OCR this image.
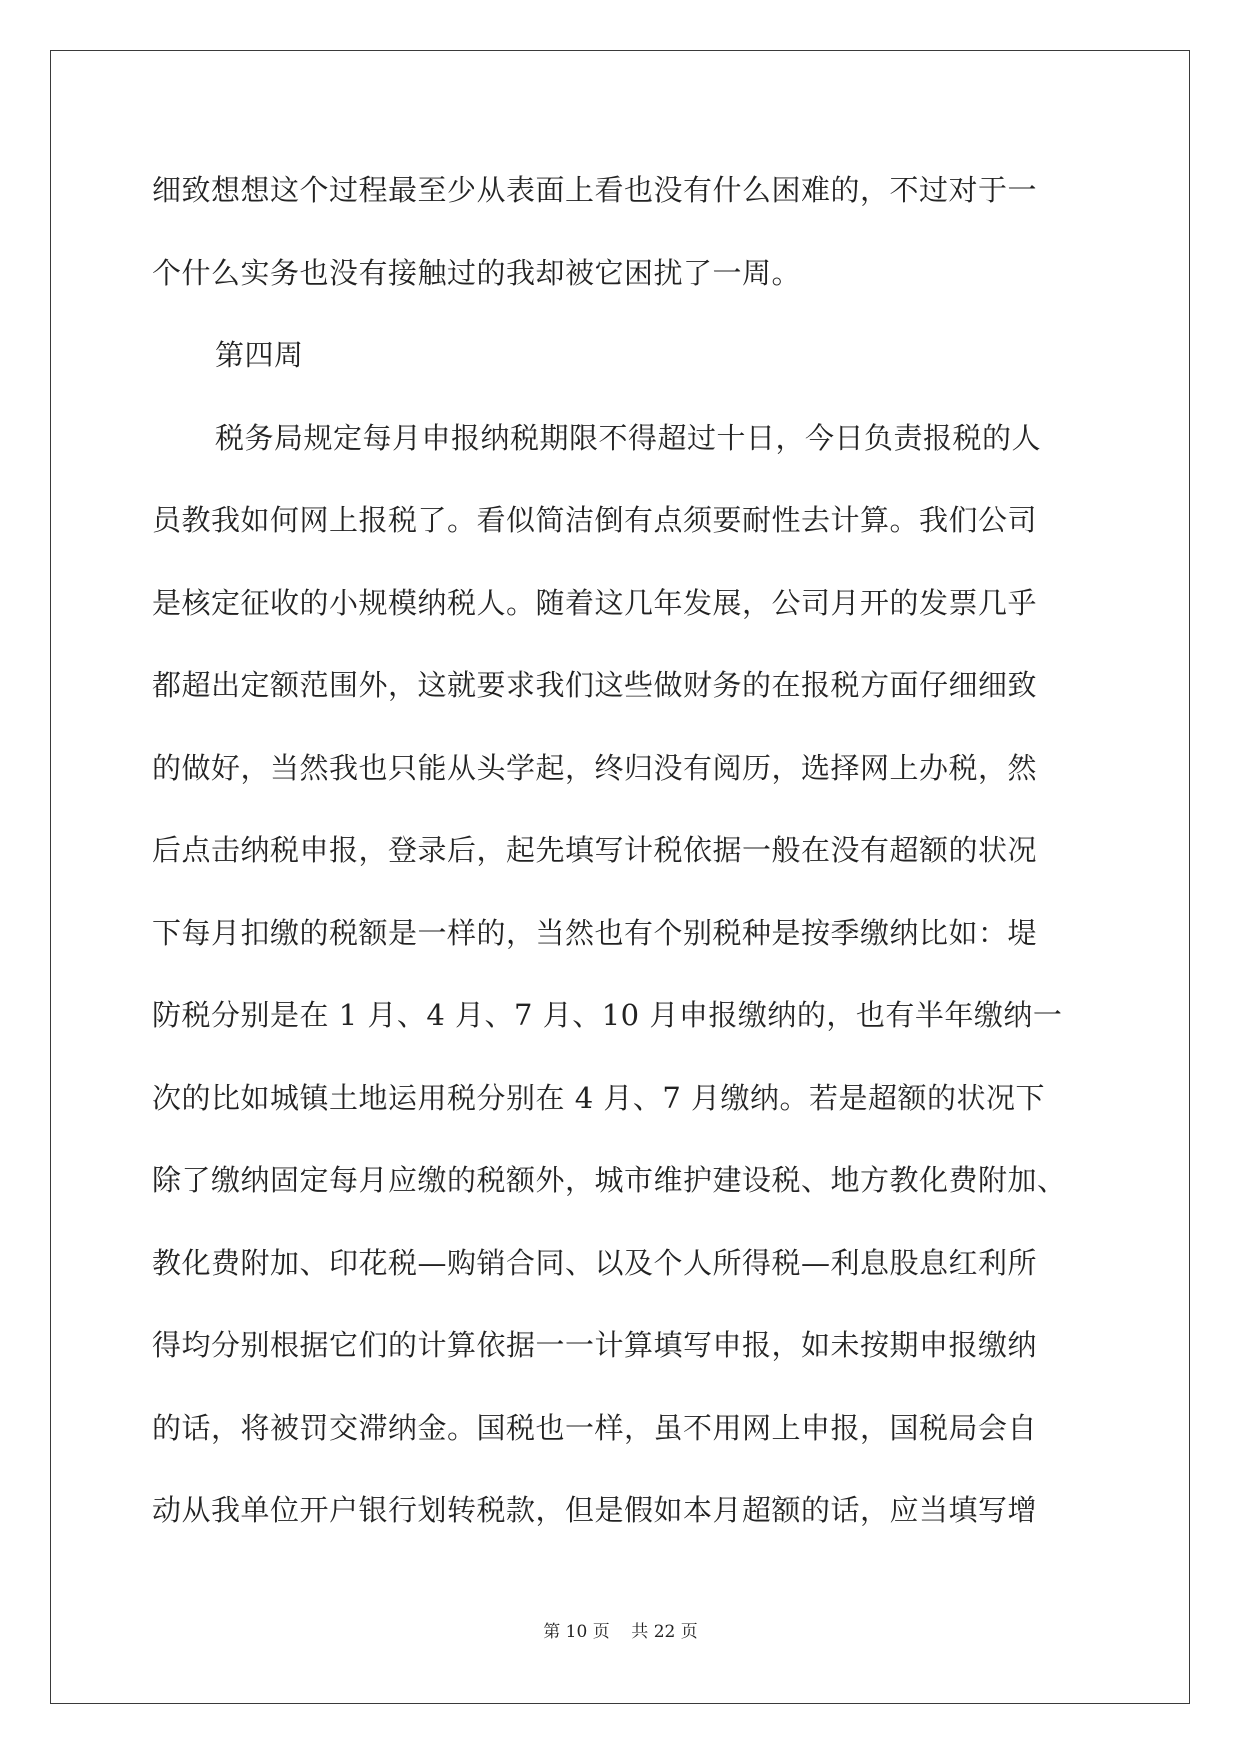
细致想想这个过程最至少从表面上看也没有什么困难的，不过对于一
个什么实务也没有接触过的我却被它困扰了一周。
第四周
税务局规定每月申报纳税期限不得超过十日，今日负责报税的人
员教我如何网上报税了。看似简洁倒有点须要耐性去计算。我们公司
是核定征收的小规模纳税人。随着这几年发展，公司月开的发票几乎
都超出定额范围外，这就要求我们这些做财务的在报税方面仔细细致
的做好，当然我也只能从头学起，终归没有阅历，选择网上办税，然
后点击纳税申报，登录后，起先填写计税依据一般在没有超额的状况
下每月扣缴的税额是一样的，当然也有个别税种是按季缴纳比如：堤
防税分别是在 1 月、4 月、7 月、10 月申报缴纳的，也有半年缴纳一
次的比如城镇土地运用税分别在 4 月、7 月缴纳。若是超额的状况下
除了缴纳固定每月应缴的税额外，城市维护建设税、地方教化费附加、
教化费附加、印花税—购销合同、以及个人所得税—利息股息红利所
得均分别根据它们的计算依据一一计算填写申报，如未按期申报缴纳
的话，将被罚交滞纳金。国税也一样，虽不用网上申报，国税局会自
动从我单位开户银行划转税款，但是假如本月超额的话，应当填写增
第 10 页    共 22 页
